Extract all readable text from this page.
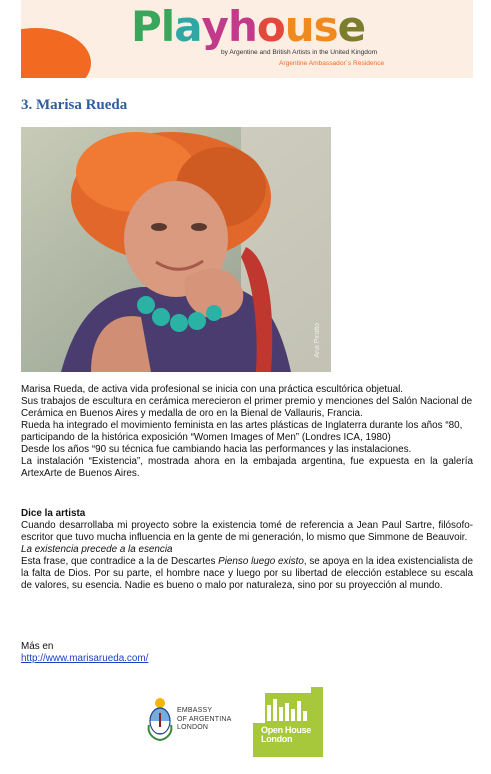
Playhouse
by Argentine and British Artists in the United Kingdom
Argentine Ambassador´s Residence
3. Marisa Rueda
Ana Pirotto

Marisa Rueda, de activa vida profesional se inicia con una práctica escultórica objetual.

Sus trabajos de escultura en cerámica merecieron el primer premio y menciones del Salón Nacional de Cerámica en Buenos Aires y medalla de oro en la Bienal de Vallauris, Francia.

Rueda ha integrado el movimiento feminista en las artes plásticas de Inglaterra durante los años “80, participando de la histórica exposición “Women Images of Men” (Londres ICA, 1980)

Desde los años “90 su técnica fue cambiando hacia las performances y las instalaciones.

La instalación “Existencia”, mostrada ahora en la embajada argentina, fue expuesta en la galería ArtexArte de Buenos Aires.

Dice la artista

Cuando desarrollaba mi proyecto sobre la existencia tomé de referencia a Jean Paul Sartre, filósofo-escritor que tuvo mucha influencia en la gente de mi generación, lo mismo que Simmone de Beauvoir.

La existencia precede a la esencia

Esta frase, que contradice a la de Descartes Pienso luego existo, se apoya en la idea existencialista de la falta de Dios. Por su parte, el hombre nace y luego por su libertad de elección establece su escala de valores, su esencia. Nadie es bueno o malo por naturaleza, sino por su proyección al mundo.

Más en

http://www.marisarueda.com/

EMBASSY
OF ARGENTINA
LONDON	Open House
London
